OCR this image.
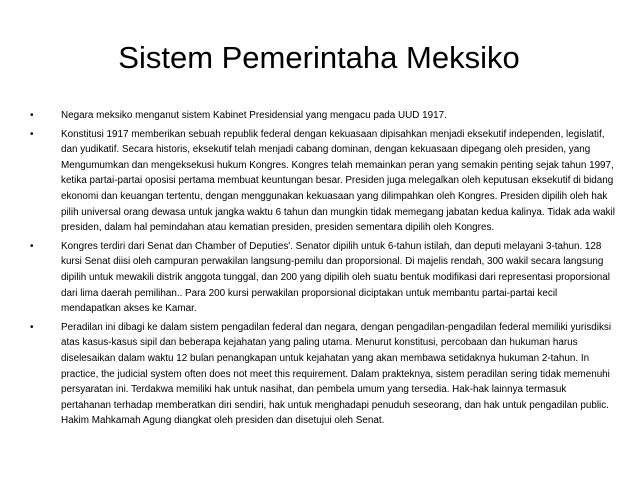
Sistem Pemerintaha Meksiko
•	Negara meksiko menganut sistem Kabinet Presidensial yang mengacu pada UUD 1917.
•	Konstitusi 1917 memberikan sebuah republik federal dengan kekuasaan dipisahkan menjadi eksekutif independen, legislatif, dan yudikatif. Secara historis, eksekutif telah menjadi cabang dominan, dengan kekuasaan dipegang oleh presiden, yang Mengumumkan dan mengeksekusi hukum Kongres. Kongres telah memainkan peran yang semakin penting sejak tahun 1997, ketika partai-partai oposisi pertama membuat keuntungan besar. Presiden juga melegalkan oleh keputusan eksekutif di bidang ekonomi dan keuangan tertentu, dengan menggunakan kekuasaan yang dilimpahkan oleh Kongres. Presiden dipilih oleh hak pilih universal orang dewasa untuk jangka waktu 6 tahun dan mungkin tidak memegang jabatan kedua kalinya. Tidak ada wakil presiden, dalam hal pemindahan atau kematian presiden, presiden sementara dipilih oleh Kongres.
•	Kongres terdiri dari Senat dan Chamber of Deputies'. Senator dipilih untuk 6-tahun istilah, dan deputi melayani 3-tahun. 128 kursi Senat diisi oleh campuran perwakilan langsung-pemilu dan proporsional. Di majelis rendah, 300 wakil secara langsung dipilih untuk mewakili distrik anggota tunggal, dan 200 yang dipilih oleh suatu bentuk modifikasi dari representasi proporsional dari lima daerah pemilihan.. Para 200 kursi perwakilan proporsional diciptakan untuk membantu partai-partai kecil mendapatkan akses ke Kamar.
•	Peradilan ini dibagi ke dalam sistem pengadilan federal dan negara, dengan pengadilan-pengadilan federal memiliki yurisdiksi atas kasus-kasus sipil dan beberapa kejahatan yang paling utama. Menurut konstitusi, percobaan dan hukuman harus diselesaikan dalam waktu 12 bulan penangkapan untuk kejahatan yang akan membawa setidaknya hukuman 2-tahun. In practice, the judicial system often does not meet this requirement. Dalam prakteknya, sistem peradilan sering tidak memenuhi persyaratan ini. Terdakwa memiliki hak untuk nasihat, dan pembela umum yang tersedia. Hak-hak lainnya termasuk pertahanan terhadap memberatkan diri sendiri, hak untuk menghadapi penuduh seseorang, dan hak untuk pengadilan public. Hakim Mahkamah Agung diangkat oleh presiden dan disetujui oleh Senat.
